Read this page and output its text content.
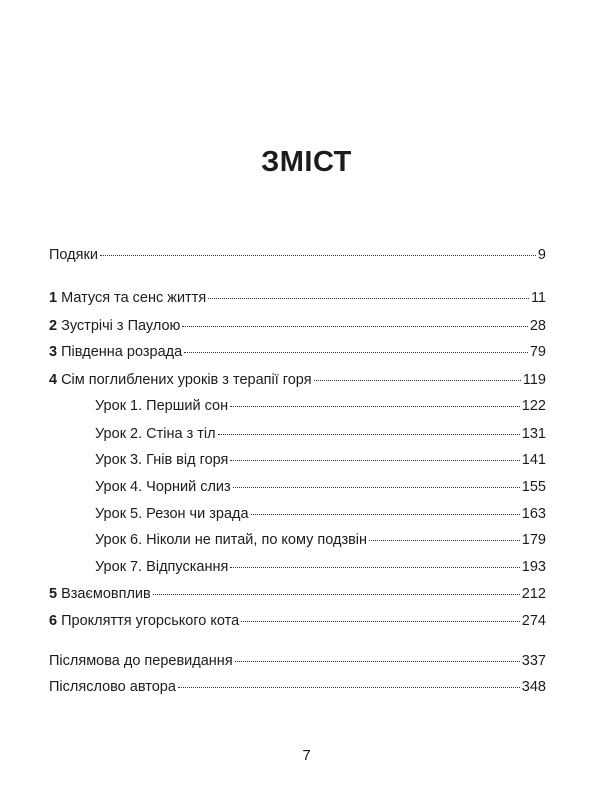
ЗМІСТ
Подяки	9
1 Матуся та сенс життя	11
2 Зустрічі з Паулою	28
3 Південна розрада	79
4 Сім поглиблених уроків з терапії горя	119
Урок 1. Перший сон	122
Урок 2. Стіна з тіл	131
Урок 3. Гнів від горя	141
Урок 4. Чорний слиз	155
Урок 5. Резон чи зрада	163
Урок 6. Ніколи не питай, по кому подзвін	179
Урок 7. Відпускання	193
5 Взаємовплив	212
6 Прокляття угорського кота	274
Післямова до перевидання	337
Післяслово автора	348
7
